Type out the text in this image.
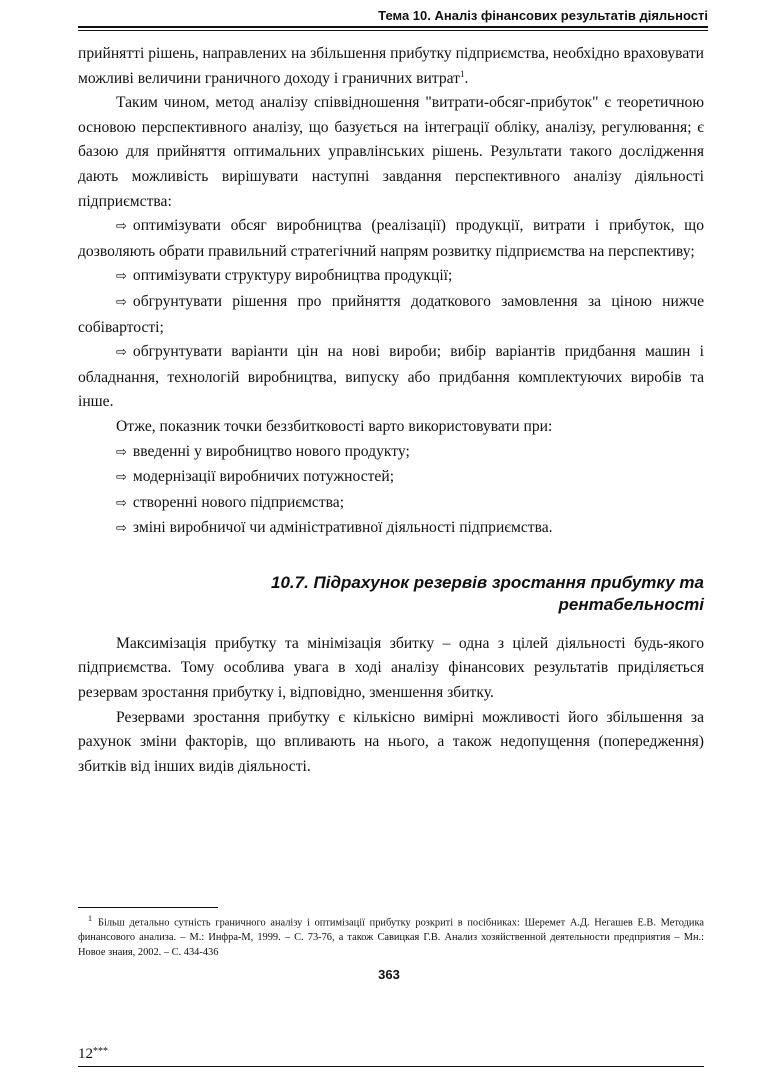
Тема 10. Аналіз фінансових результатів діяльності

прийнятті рішень, направлених на збільшення прибутку підприємства, необхідно враховувати можливі величини граничного доходу і граничних витрат$^1$.

Таким чином, метод аналізу співвідношення "витрати-обсяг-прибуток" є теоретичною основою перспективного аналізу, що базується на інтеграції обліку, аналізу, регулювання; є базою для прийняття оптимальних управлінських рішень. Результати такого дослідження дають можливість вирішувати наступні завдання перспективного аналізу діяльності підприємства:

⇨ оптимізувати обсяг виробництва (реалізації) продукції, витрати і прибуток, що дозволяють обрати правильний стратегічний напрям розвитку підприємства на перспективу;

⇨ оптимізувати структуру виробництва продукції;

⇨ обгрунтувати рішення про прийняття додаткового замовлення за ціною нижче собівартості;

⇨ обгрунтувати варіанти цін на нові вироби; вибір варіантів придбання машин і обладнання, технологій виробництва, випуску або придбання комплектуючих виробів та інше.

Отже, показник точки беззбитковості варто використовувати при:

⇨ введенні у виробництво нового продукту;

⇨ модернізації виробничих потужностей;

⇨ створенні нового підприємства;

⇨ зміні виробничої чи адміністративної діяльності підприємства.

10.7. Підрахунок резервів зростання прибутку та
рентабельності

Максимізація прибутку та мінімізація збитку – одна з цілей діяльності будь-якого підприємства. Тому особлива увага в ході аналізу фінансових результатів приділяється резервам зростання прибутку і, відповідно, зменшення збитку.

Резервами зростання прибутку є кількісно вимірні можливості його збільшення за рахунок зміни факторів, що впливають на нього, а також недопущення (попередження) збитків від інших видів діяльності.

$^1$ Більш детально сутність граничного аналізу і оптимізації прибутку розкриті в посібниках: Шеремет А.Д. Негашев Е.В. Методика финансового анализа. – М.: Инфра-М, 1999. – С. 73-76, а також Савицкая Г.В. Анализ хозяйственной деятельности предприятия – Мн.: Новое знаия, 2002. – С. 434-436
363
12***
